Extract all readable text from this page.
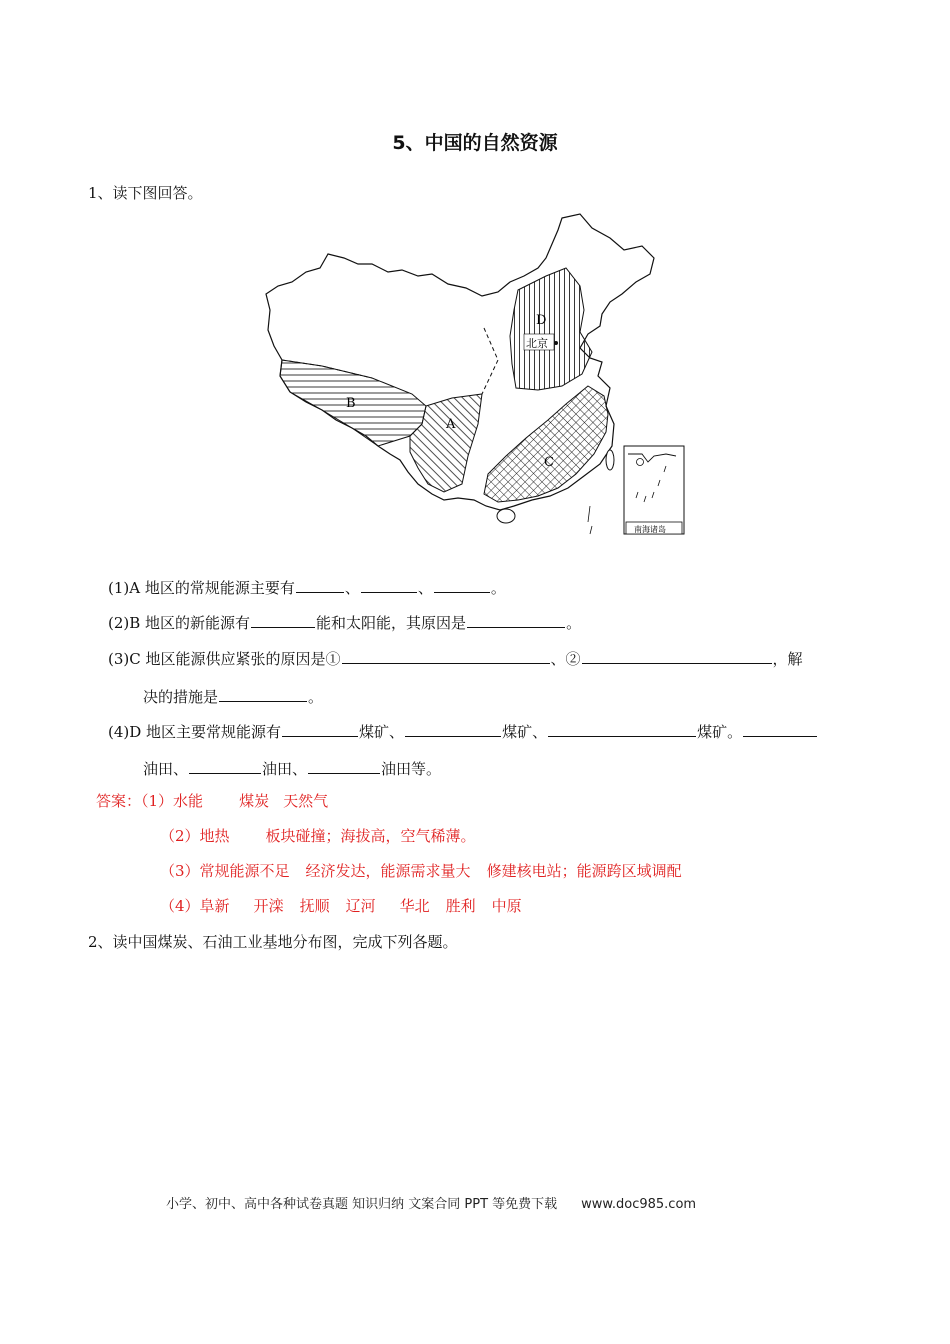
5、中国的自然资源
1、读下图回答。
北京
D
B
A
C
南海诸岛
(1)A 地区的常规能源主要有	、	、	。
(2)B 地区的新能源有	能和太阳能，其原因是	。
(3)C 地区能源供应紧张的原因是①	、②	，解
决的措施是	。
(4)D 地区主要常规能源有	煤矿、	煤矿、	煤矿。
油田、	油田、	油田等。
答案：（1）水能 煤炭 天然气
（2）地热 板块碰撞；海拔高，空气稀薄。
（3）常规能源不足 经济发达，能源需求量大 修建核电站；能源跨区域调配
（4）阜新 开滦 抚顺 辽河 华北 胜利 中原
2、读中国煤炭、石油工业基地分布图，完成下列各题。
小学、初中、高中各种试卷真题 知识归纳 文案合同 PPT 等免费下载 www.doc985.com
